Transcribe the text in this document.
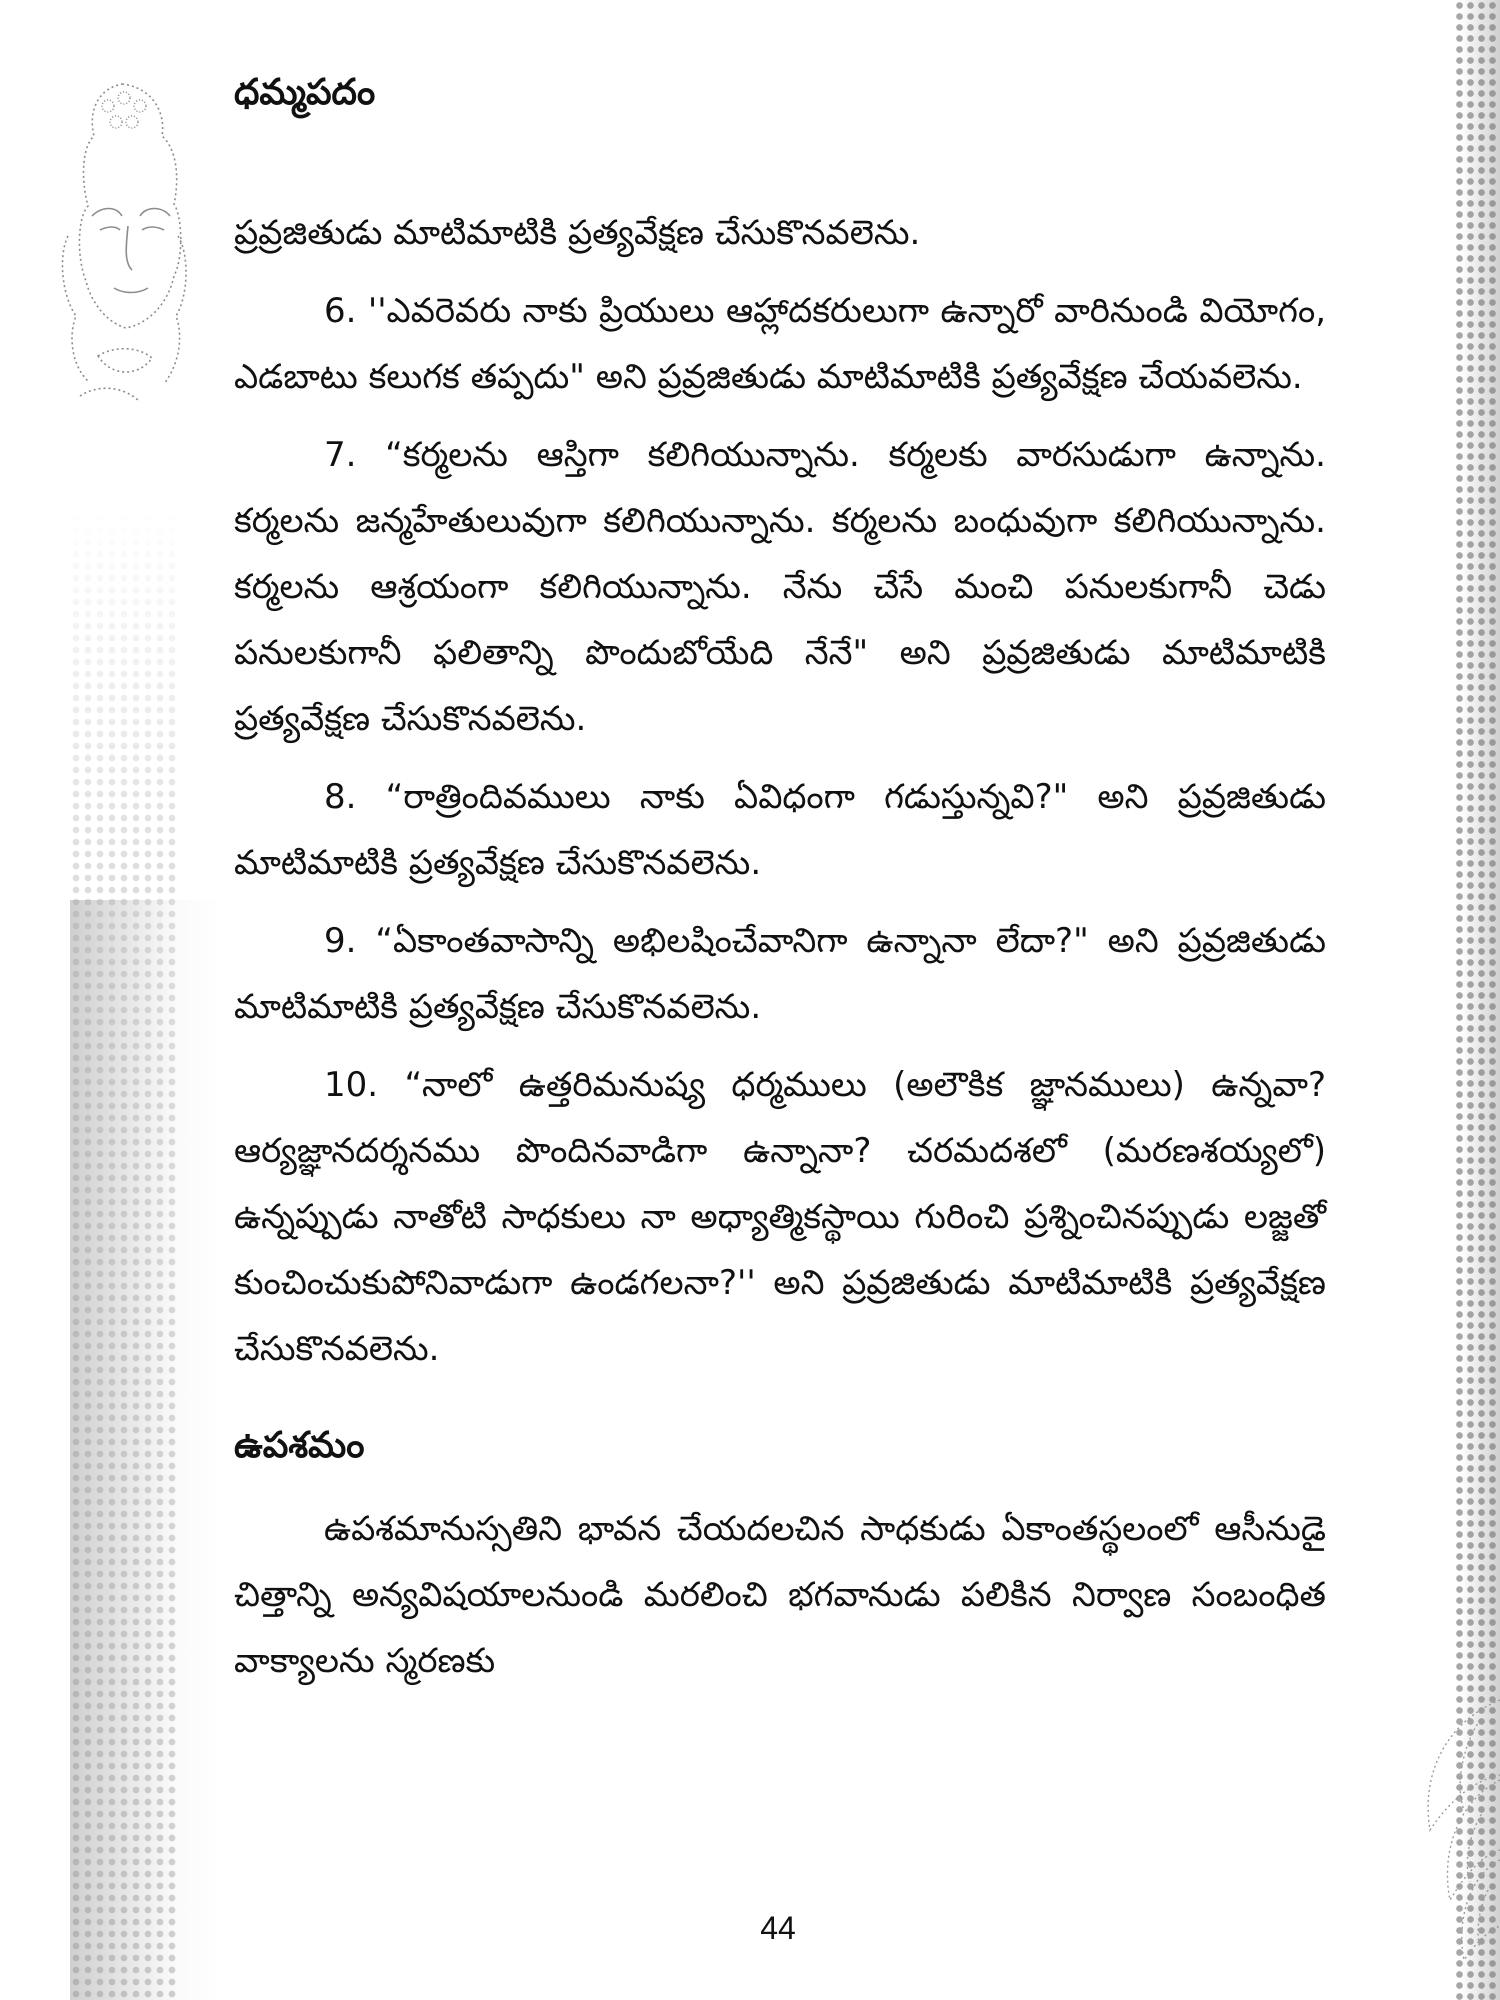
ధమ్మపదం

ప్రవ్రజితుడు మాటిమాటికి ప్రత్యవేక్షణ చేసుకొనవలెను.

6. ''ఎవరెవరు నాకు ప్రియులు ఆహ్లాదకరులుగా ఉన్నారో వారినుండి వియోగం, ఎడబాటు కలుగక తప్పదు" అని ప్రవ్రజితుడు మాటిమాటికి ప్రత్యవేక్షణ చేయవలెను.

7. “కర్మలను ఆస్తిగా కలిగియున్నాను. కర్మలకు వారసుడుగా ఉన్నాను. కర్మలను జన్మహేతులువుగా కలిగియున్నాను. కర్మలను బంధువుగా కలిగియున్నాను. కర్మలను ఆశ్రయంగా కలిగియున్నాను. నేను చేసే మంచి పనులకుగానీ చెడు పనులకుగానీ ఫలితాన్ని పొందుబోయేది నేనే" అని ప్రవ్రజితుడు మాటిమాటికి ప్రత్యవేక్షణ చేసుకొనవలెను.

8. “రాత్రిందివములు నాకు ఏవిధంగా గడుస్తున్నవి?" అని ప్రవ్రజితుడు మాటిమాటికి ప్రత్యవేక్షణ చేసుకొనవలెను.

9. “ఏకాంతవాసాన్ని అభిలషించేవానిగా ఉన్నానా లేదా?" అని ప్రవ్రజితుడు మాటిమాటికి ప్రత్యవేక్షణ చేసుకొనవలెను.

10. “నాలో ఉత్తరిమనుష్య ధర్మములు (అలౌకిక జ్ఞానములు) ఉన్నవా? ఆర్యజ్ఞానదర్శనము పొందినవాడిగా ఉన్నానా? చరమదశలో (మరణశయ్యలో) ఉన్నప్పుడు నాతోటి సాధకులు నా అధ్యాత్మికస్థాయి గురించి ప్రశ్నించినప్పుడు లజ్జతో కుంచించుకుపోనివాడుగా ఉండగలనా?'' అని ప్రవ్రజితుడు మాటిమాటికి ప్రత్యవేక్షణ చేసుకొనవలెను.

ఉపశమం

ఉపశమానుస్సతిని భావన చేయదలచిన సాధకుడు ఏకాంతస్థలంలో ఆసీనుడై చిత్తాన్ని అన్యవిషయాలనుండి మరలించి భగవానుడు పలికిన నిర్వాణ సంబంధిత వాక్యాలను స్మరణకు

44
